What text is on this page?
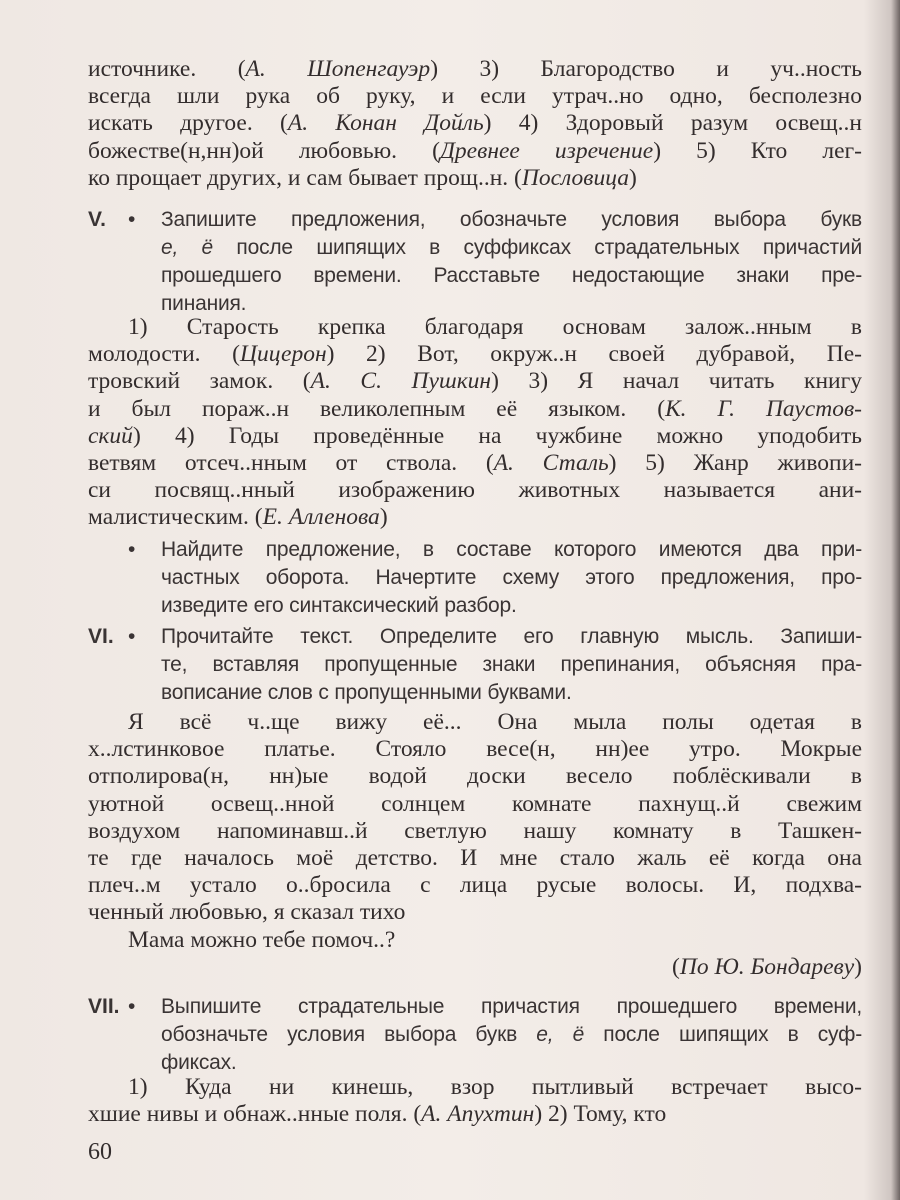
источнике. (А. Шопенгауэр) 3) Благородство и уч..ность
всегда шли рука об руку, и если утрач..но одно, бесполезно
искать другое. (А. Конан Дойль) 4) Здоровый разум освещ..н
божестве(н,нн)ой любовью. (Древнее изречение) 5) Кто лег-
ко прощает других, и сам бывает прощ..н. (Пословица)
V. • Запишите предложения, обозначьте условия выбора букв
е, ё после шипящих в суффиксах страдательных причастий
прошедшего времени. Расставьте недостающие знаки пре-
пинания.
1) Старость крепка благодаря основам залож..нным в
молодости. (Цицерон) 2) Вот, окруж..н своей дубравой, Пе-
тровский замок. (А. С. Пушкин) 3) Я начал читать книгу
и был пораж..н великолепным её языком. (К. Г. Паустов-
ский) 4) Годы проведённые на чужбине можно уподобить
ветвям отсеч..нным от ствола. (А. Сталь) 5) Жанр живопи-
си посвящ..нный изображению животных называется ани-
малистическим. (Е. Алленова)
• Найдите предложение, в составе которого имеются два при-
частных оборота. Начертите схему этого предложения, про-
изведите его синтаксический разбор.
VI. • Прочитайте текст. Определите его главную мысль. Запиши-
те, вставляя пропущенные знаки препинания, объясняя пра-
вописание слов с пропущенными буквами.
Я всё ч..ще вижу её... Она мыла полы одетая в
х..лстинковое платье. Стояло весе(н, нн)ее утро. Мокрые
отполирова(н, нн)ые водой доски весело поблёскивали в
уютной освещ..нной солнцем комнате пахнущ..й свежим
воздухом напоминавш..й светлую нашу комнату в Ташкен-
те где началось моё детство. И мне стало жаль её когда она
плеч..м устало о..бросила с лица русые волосы. И, подхва-
ченный любовью, я сказал тихо
Мама можно тебе помоч..?
(По Ю. Бондареву)
VII. • Выпишите страдательные причастия прошедшего времени,
обозначьте условия выбора букв е, ё после шипящих в суф-
фиксах.
1) Куда ни кинешь, взор пытливый встречает высо-
хшие нивы и обнаж..нные поля. (А. Апухтин) 2) Тому, кто
60
